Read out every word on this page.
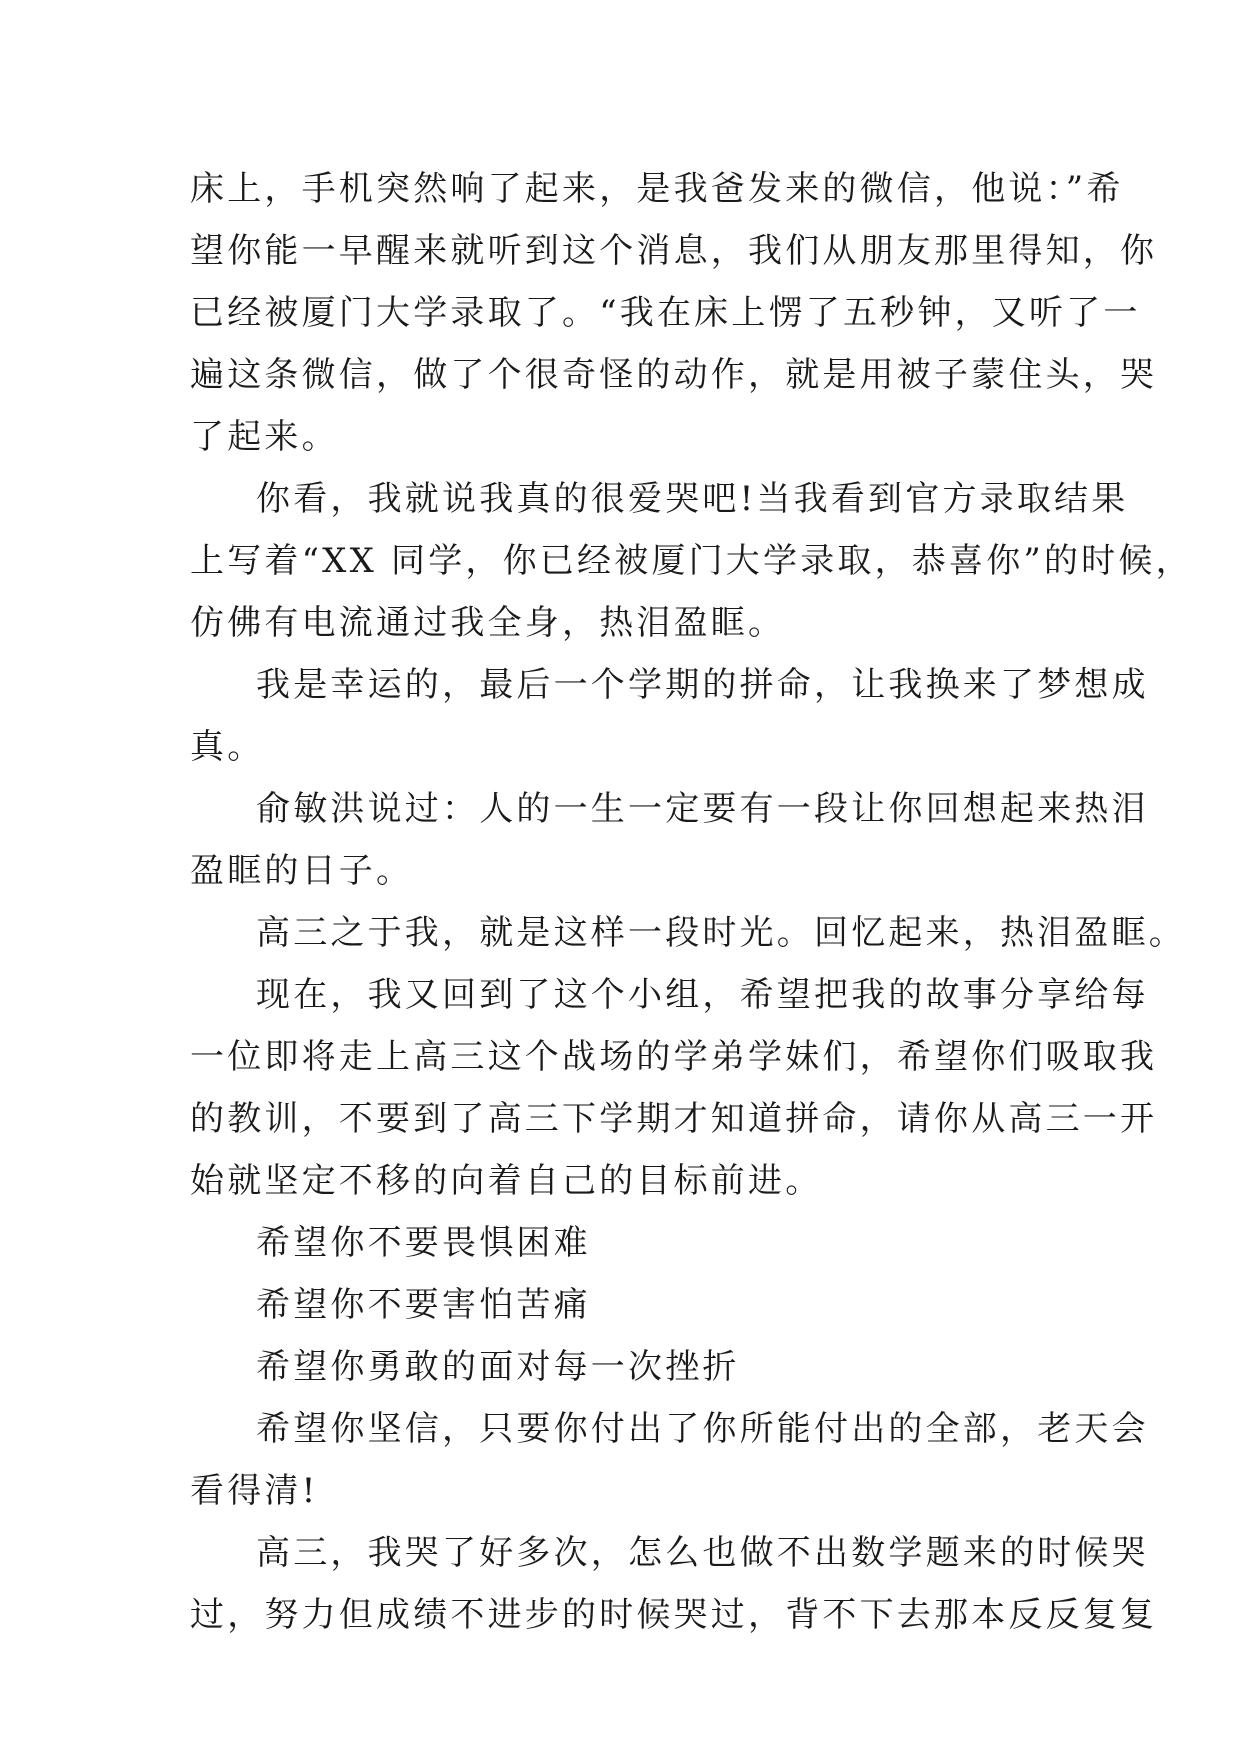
床上，手机突然响了起来，是我爸发来的微信，他说：”希
望你能一早醒来就听到这个消息，我们从朋友那里得知，你
已经被厦门大学录取了。“我在床上愣了五秒钟，又听了一
遍这条微信，做了个很奇怪的动作，就是用被子蒙住头，哭
了起来。
你看，我就说我真的很爱哭吧!当我看到官方录取结果
上写着“XX 同学，你已经被厦门大学录取，恭喜你”的时候，
仿佛有电流通过我全身，热泪盈眶。
我是幸运的，最后一个学期的拼命，让我换来了梦想成
真。
俞敏洪说过：人的一生一定要有一段让你回想起来热泪
盈眶的日子。
高三之于我，就是这样一段时光。回忆起来，热泪盈眶。
现在，我又回到了这个小组，希望把我的故事分享给每
一位即将走上高三这个战场的学弟学妹们，希望你们吸取我
的教训，不要到了高三下学期才知道拼命，请你从高三一开
始就坚定不移的向着自己的目标前进。
希望你不要畏惧困难
希望你不要害怕苦痛
希望你勇敢的面对每一次挫折
希望你坚信，只要你付出了你所能付出的全部，老天会
看得清!
高三，我哭了好多次，怎么也做不出数学题来的时候哭
过，努力但成绩不进步的时候哭过，背不下去那本反反复复
